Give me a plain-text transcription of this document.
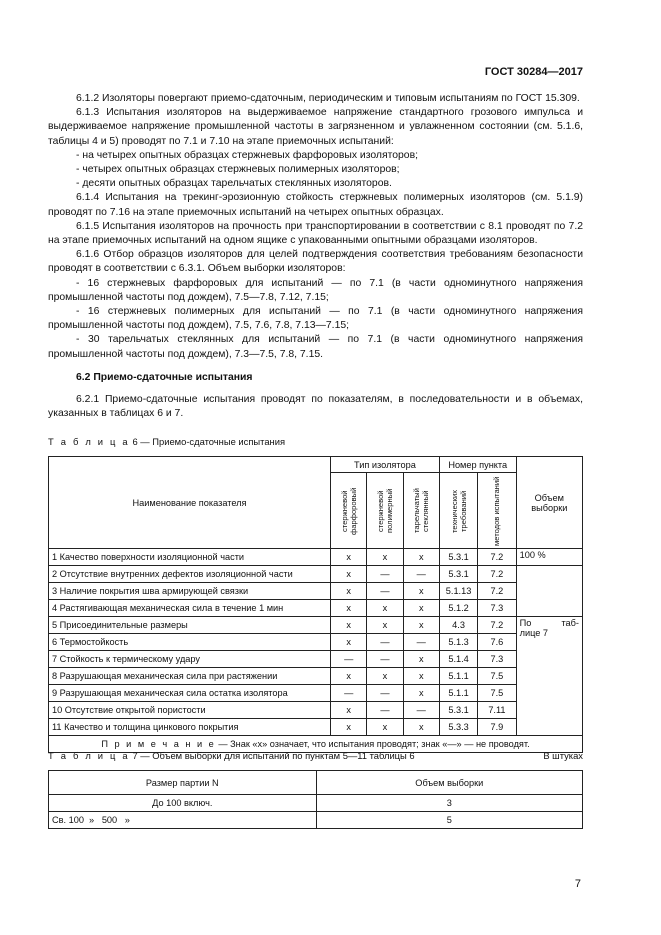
ГОСТ 30284—2017

6.1.2 Изоляторы повергают приемо-сдаточным, периодическим и типовым испытаниям по ГОСТ 15.309.

6.1.3 Испытания изоляторов на выдерживаемое напряжение стандартного грозового импульса и выдерживаемое напряжение промышленной частоты в загрязненном и увлажненном состоянии (см. 5.1.6, таблицы 4 и 5) проводят по 7.1 и 7.10 на этапе приемочных испытаний:

- на четырех опытных образцах стержневых фарфоровых изоляторов;

- четырех опытных образцах стержневых полимерных изоляторов;

- десяти опытных образцах тарельчатых стеклянных изоляторов.

6.1.4 Испытания на трекинг-эрозионную стойкость стержневых полимерных изоляторов (см. 5.1.9) проводят по 7.16 на этапе приемочных испытаний на четырех опытных образцах.

6.1.5 Испытания изоляторов на прочность при транспортировании в соответствии с 8.1 проводят по 7.2 на этапе приемочных испытаний на одном ящике с упакованными опытными образцами изоляторов.

6.1.6 Отбор образцов изоляторов для целей подтверждения соответствия требованиям безопасности проводят в соответствии с 6.3.1. Объем выборки изоляторов:

- 16 стержневых фарфоровых для испытаний — по 7.1 (в части одноминутного напряжения промышленной частоты под дождем), 7.5—7.8, 7.12, 7.15;

- 16 стержневых полимерных для испытаний — по 7.1 (в части одноминутного напряжения промышленной частоты под дождем), 7.5, 7.6, 7.8, 7.13—7.15;

- 30 тарельчатых стеклянных для испытаний — по 7.1 (в части одноминутного напряжения промышленной частоты под дождем), 7.3—7.5, 7.8, 7.15.

6.2 Приемо-сдаточные испытания

6.2.1 Приемо-сдаточные испытания проводят по показателям, в последовательности и в объемах, указанных в таблицах 6 и 7.

Т а б л и ц а 6 — Приемо-сдаточные испытания
Наименование показателя	Тип изолятора			Номер пункта		Объем выборки

	стержневой фарфоровый	стержневой полимерный	тарельчатый стеклянный	технических требований	методов испытаний	

1 Качество поверхности изоляционной части	x	x	x	5.3.1	7.2	100 %
2 Отсутствие внутренних дефектов изоляционной части	x	—	—	5.3.1	7.2	
3 Наличие покрытия шва армирующей связки	x	—	x	5.1.13	7.2	
4 Растягивающая механическая сила в течение 1 мин	x	x	x	5.1.2	7.3	
5 Присоединительные размеры	x	x	x	4.3	7.2	По таб-
лице 7

6 Термостойкость	x	—	—	5.1.3	7.6	
7 Стойкость к термическому удару	—	—	x	5.1.4	7.3	
8 Разрушающая механическая сила при растяжении	x	x	x	5.1.1	7.5	
9 Разрушающая механическая сила остатка изолятора	—	—	x	5.1.1	7.5	
10 Отсутствие открытой пористости	x	—	—	5.3.1	7.11	
11 Качество и толщина цинкового покрытия	x	x	x	5.3.3	7.9	
П р и м е ч а н и е — Знак «x» означает, что испытания проводят; знак «—» — не проводят.						
Т а б л и ц а 7 — Объем выборки для испытаний по пунктам 5—11 таблицы 6	В штуках
Размер партии N	Объем выборки
До 100 включ.	3
Св. 100  »   500   »	5
7
